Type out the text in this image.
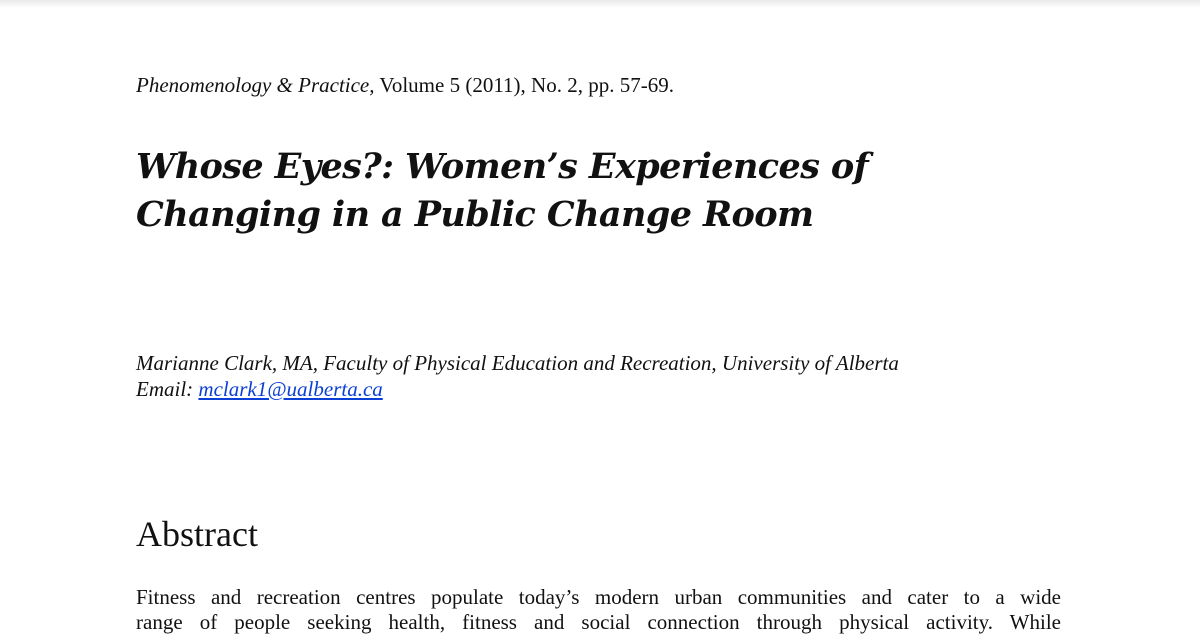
Phenomenology & Practice, Volume 5 (2011), No. 2, pp. 57-69.
Whose Eyes?: Women’s Experiences of
Changing in a Public Change Room
Marianne Clark, MA, Faculty of Physical Education and Recreation, University of Alberta
Email: mclark1@ualberta.ca
Abstract

Fitness and recreation centres populate today’s modern urban communities and cater to a wide
range of people seeking health, fitness and social connection through physical activity. While
